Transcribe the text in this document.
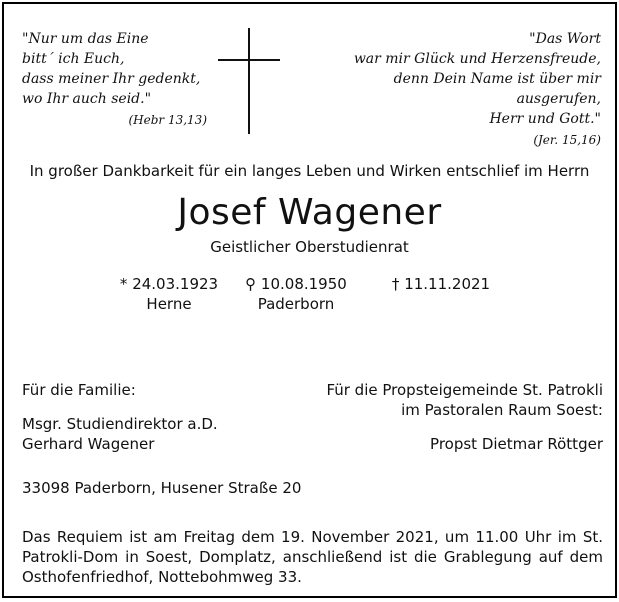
"Nur um das Eine
bitt´ ich Euch,
dass meiner Ihr gedenkt,
wo Ihr auch seid."
(Hebr 13,13)
"Das Wort
war mir Glück und Herzensfreude,
denn Dein Name ist über mir ausgerufen,
Herr und Gott."
(Jer. 15,16)
In großer Dankbarkeit für ein langes Leben und Wirken entschlief im Herrn
Josef Wagener
Geistlicher Oberstudienrat
* 24.03.1923
Herne
⚲ 10.08.1950
Paderborn
† 11.11.2021
Für die Familie:
Msgr. Studiendirektor a.D.
Gerhard Wagener
Für die Propsteigemeinde St. Patrokli
im Pastoralen Raum Soest:
Propst Dietmar Röttger
33098 Paderborn, Husener Straße 20
Das Requiem ist am Freitag dem 19. November 2021, um 11.00 Uhr im St. Patrokli-Dom in Soest, Domplatz, anschließend ist die Grablegung auf dem Osthofenfriedhof, Nottebohmweg 33.
